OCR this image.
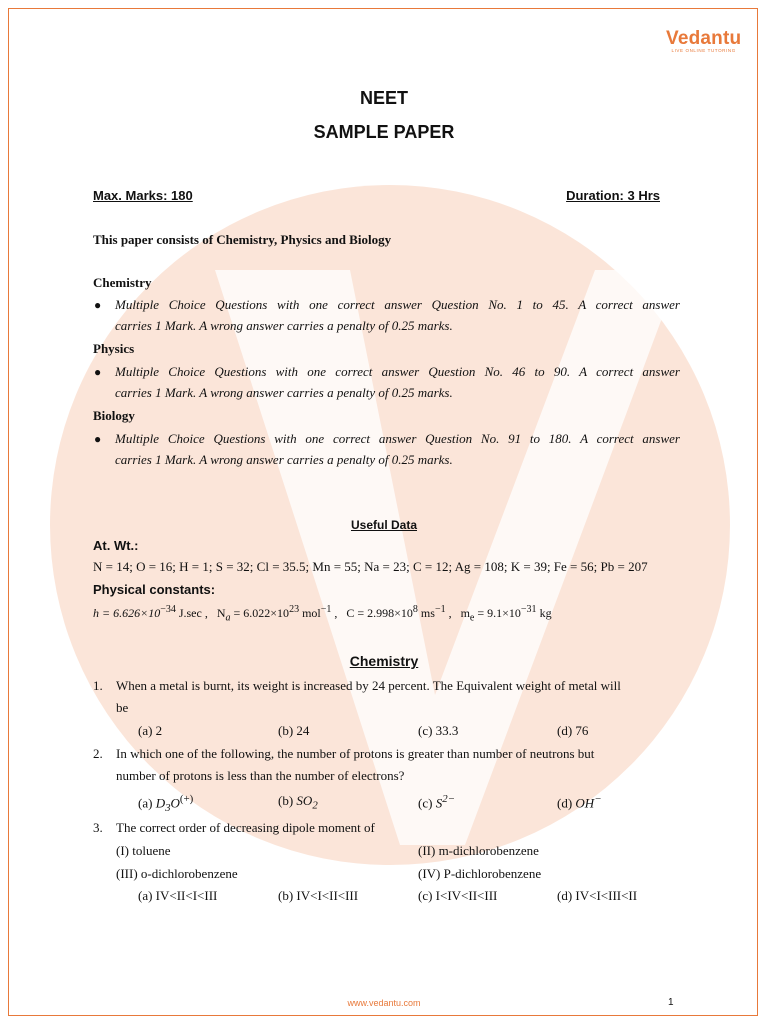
Vedantu
LIVE ONLINE TUTORING
NEET
SAMPLE PAPER
Max. Marks: 180	Duration: 3 Hrs
This paper consists of Chemistry, Physics and Biology
Chemistry
● Multiple Choice Questions with one correct answer Question No. 1 to 45. A correct answer
carries 1 Mark. A wrong answer carries a penalty of 0.25 marks.
Physics
● Multiple Choice Questions with one correct answer Question No. 46 to 90. A correct answer
carries 1 Mark. A wrong answer carries a penalty of 0.25 marks.
Biology
● Multiple Choice Questions with one correct answer Question No. 91 to 180. A correct answer
carries 1 Mark. A wrong answer carries a penalty of 0.25 marks.
Useful Data
At. Wt.:
N = 14; O = 16; H = 1; S = 32; Cl = 35.5; Mn = 55; Na = 23; C = 12; Ag = 108; K = 39; Fe = 56; Pb = 207
Physical constants:
$h = 6.626\times 10^{-34}$ J.sec , $N_a = 6.022\times 10^{23}$ mol$^{-1}$ , $C = 2.998\times 10^8$ $ms^{-1}$ , $m_e = 9.1\times 10^{-31}$ kg
Chemistry
1. When a metal is burnt, its weight is increased by 24 percent. The Equivalent weight of metal will
be
(a) 2	(b) 24	(c) 33.3	(d) 76
2. In which one of the following, the number of protons is greater than number of neutrons but
number of protons is less than the number of electrons?
(a) $D_3O^{(+)}$	(b) $SO_2$	(c) $S^{2-}$	(d) OH−
3. The correct order of decreasing dipole moment of
(I) toluene	(II) m-dichlorobenzene
(III) o-dichlorobenzene	(IV) P-dichlorobenzene
(a) IV<II<I<III	(b) IV<I<II<III	(c) I<IV<II<III	(d) IV<I<III<II
www.vedantu.com	1
